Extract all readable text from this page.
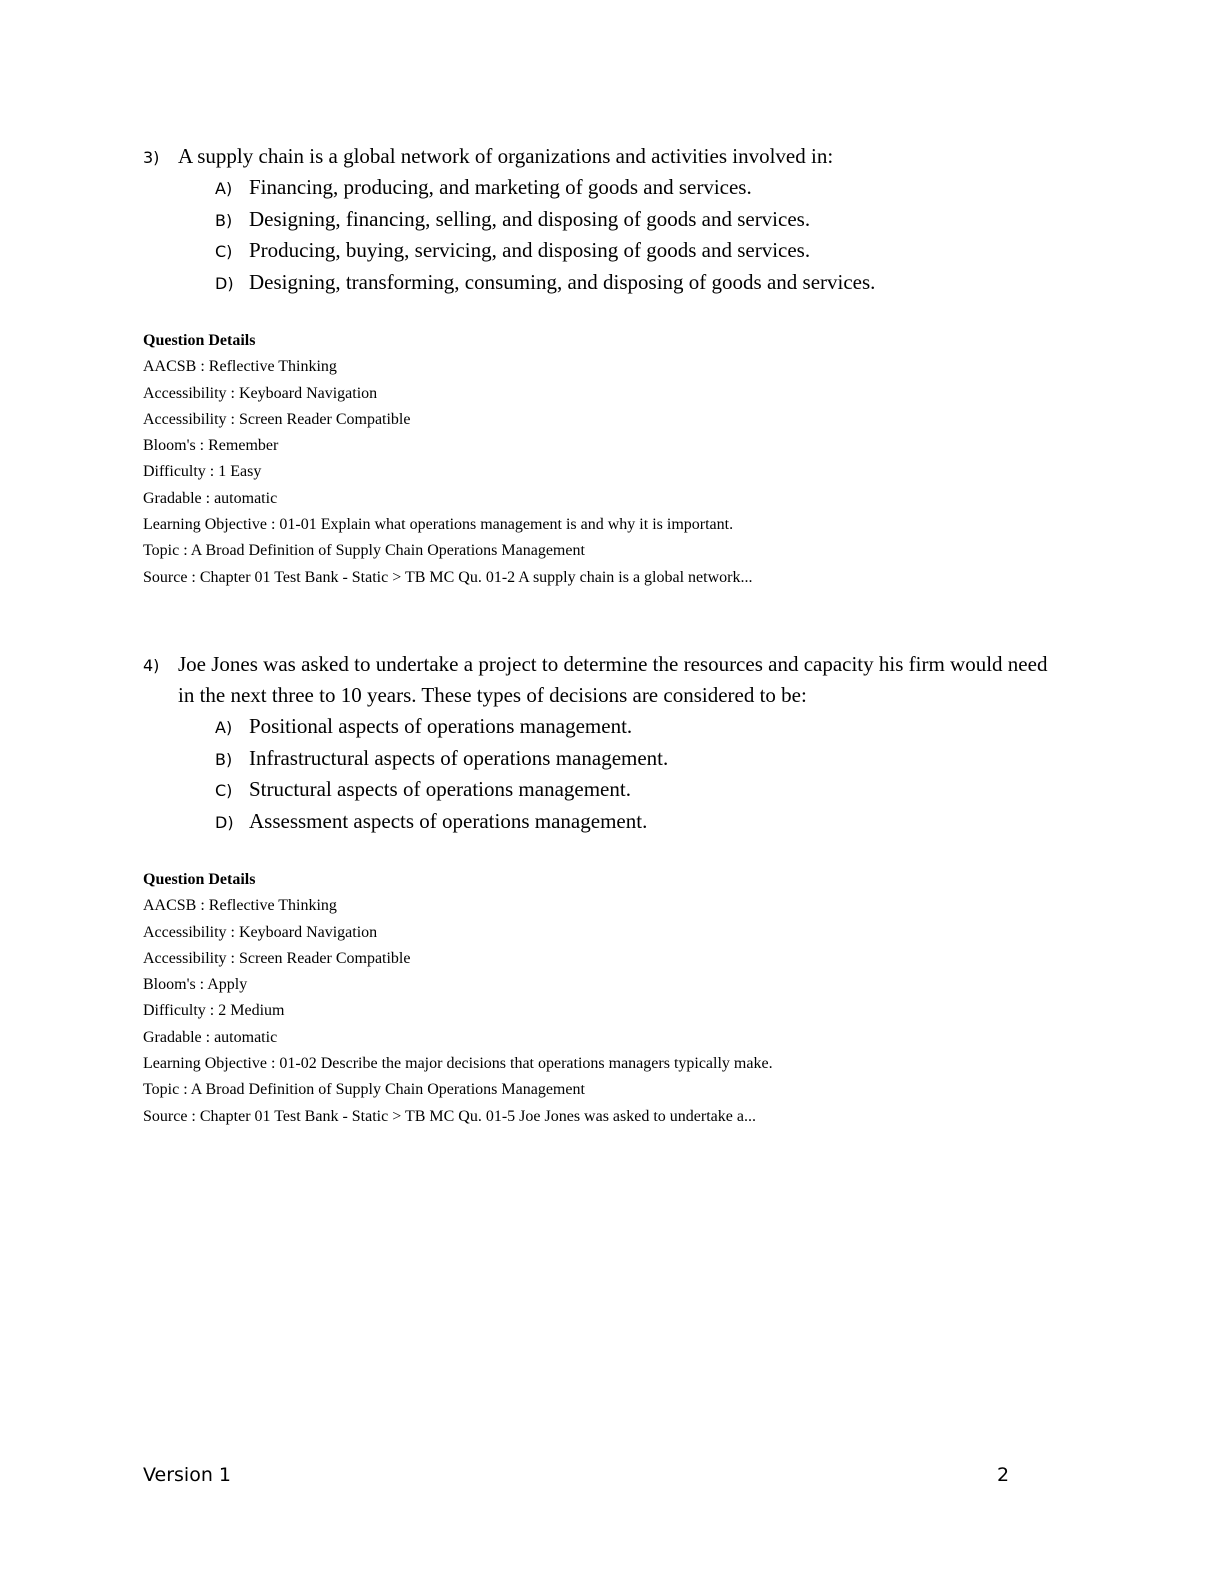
3) A supply chain is a global network of organizations and activities involved in:
A) Financing, producing, and marketing of goods and services.
B) Designing, financing, selling, and disposing of goods and services.
C) Producing, buying, servicing, and disposing of goods and services.
D) Designing, transforming, consuming, and disposing of goods and services.
Question Details
AACSB : Reflective Thinking
Accessibility : Keyboard Navigation
Accessibility : Screen Reader Compatible
Bloom's : Remember
Difficulty : 1 Easy
Gradable : automatic
Learning Objective : 01-01 Explain what operations management is and why it is important.
Topic : A Broad Definition of Supply Chain Operations Management
Source : Chapter 01 Test Bank - Static > TB MC Qu. 01-2 A supply chain is a global network...
4) Joe Jones was asked to undertake a project to determine the resources and capacity his firm would need in the next three to 10 years. These types of decisions are considered to be:
A) Positional aspects of operations management.
B) Infrastructural aspects of operations management.
C) Structural aspects of operations management.
D) Assessment aspects of operations management.
Question Details
AACSB : Reflective Thinking
Accessibility : Keyboard Navigation
Accessibility : Screen Reader Compatible
Bloom's : Apply
Difficulty : 2 Medium
Gradable : automatic
Learning Objective : 01-02 Describe the major decisions that operations managers typically make.
Topic : A Broad Definition of Supply Chain Operations Management
Source : Chapter 01 Test Bank - Static > TB MC Qu. 01-5 Joe Jones was asked to undertake a...
Version 1	2
